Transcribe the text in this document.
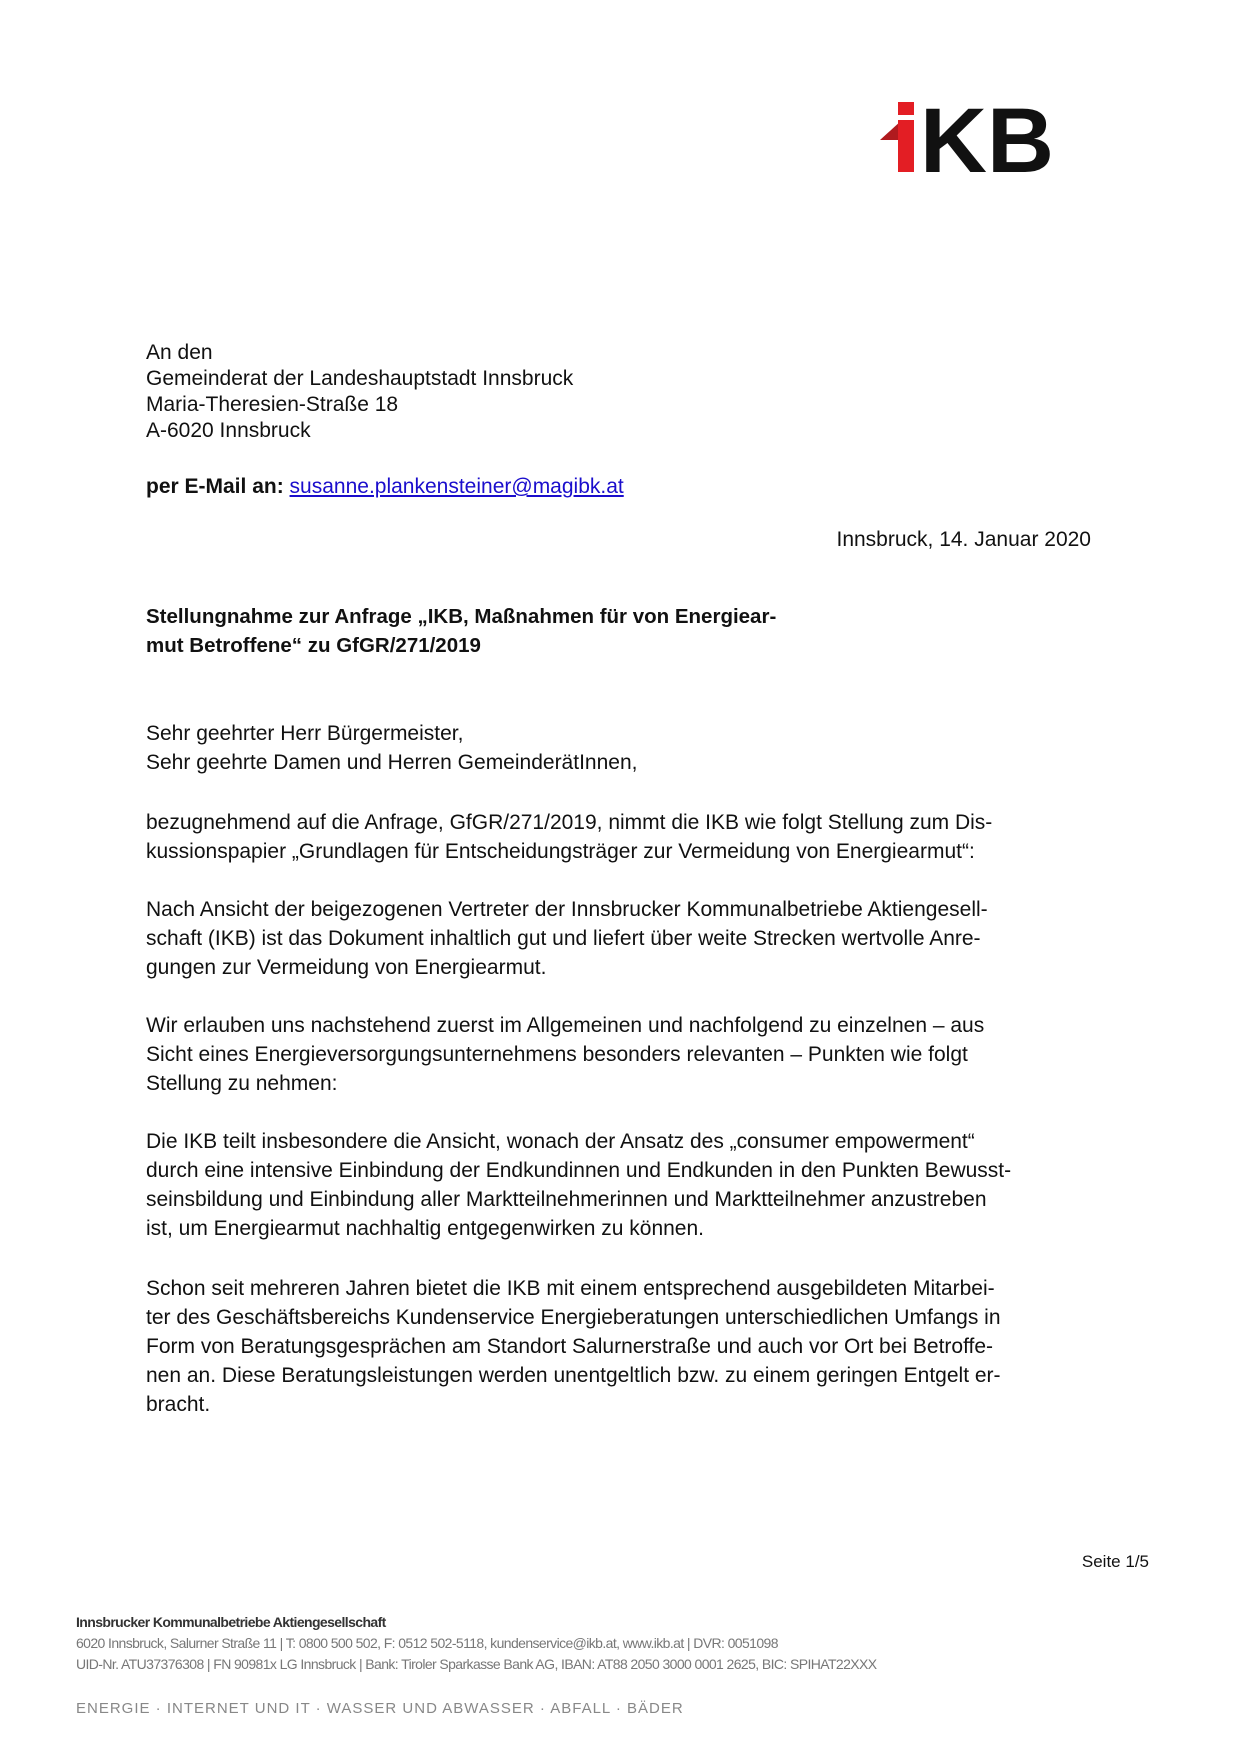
KB
An den
Gemeinderat der Landeshauptstadt Innsbruck
Maria-Theresien-Straße 18
A-6020 Innsbruck
per E-Mail an: susanne.plankensteiner@magibk.at
Innsbruck, 14. Januar 2020
Stellungnahme zur Anfrage „IKB, Maßnahmen für von Energiear-
mut Betroffene“ zu GfGR/271/2019
Sehr geehrter Herr Bürgermeister,
Sehr geehrte Damen und Herren GemeinderätInnen,
bezugnehmend auf die Anfrage, GfGR/271/2019, nimmt die IKB wie folgt Stellung zum Dis-
kussionspapier „Grundlagen für Entscheidungsträger zur Vermeidung von Energiearmut“:
Nach Ansicht der beigezogenen Vertreter der Innsbrucker Kommunalbetriebe Aktiengesell-
schaft (IKB) ist das Dokument inhaltlich gut und liefert über weite Strecken wertvolle Anre-
gungen zur Vermeidung von Energiearmut.
Wir erlauben uns nachstehend zuerst im Allgemeinen und nachfolgend zu einzelnen – aus
Sicht eines Energieversorgungsunternehmens besonders relevanten – Punkten wie folgt
Stellung zu nehmen:
Die IKB teilt insbesondere die Ansicht, wonach der Ansatz des „consumer empowerment“
durch eine intensive Einbindung der Endkundinnen und Endkunden in den Punkten Bewusst-
seinsbildung und Einbindung aller Marktteilnehmerinnen und Marktteilnehmer anzustreben
ist, um Energiearmut nachhaltig entgegenwirken zu können.
Schon seit mehreren Jahren bietet die IKB mit einem entsprechend ausgebildeten Mitarbei-
ter des Geschäftsbereichs Kundenservice Energieberatungen unterschiedlichen Umfangs in
Form von Beratungsgesprächen am Standort Salurnerstraße und auch vor Ort bei Betroffe-
nen an. Diese Beratungsleistungen werden unentgeltlich bzw. zu einem geringen Entgelt er-
bracht.
Seite 1/5
Innsbrucker Kommunalbetriebe Aktiengesellschaft
6020 Innsbruck, Salurner Straße 11 | T: 0800 500 502, F: 0512 502-5118, kundenservice@ikb.at, www.ikb.at | DVR: 0051098
UID-Nr. ATU37376308 | FN 90981x LG Innsbruck | Bank: Tiroler Sparkasse Bank AG, IBAN: AT88 2050 3000 0001 2625, BIC: SPIHAT22XXX
ENERGIE · INTERNET UND IT · WASSER UND ABWASSER · ABFALL · BÄDER
